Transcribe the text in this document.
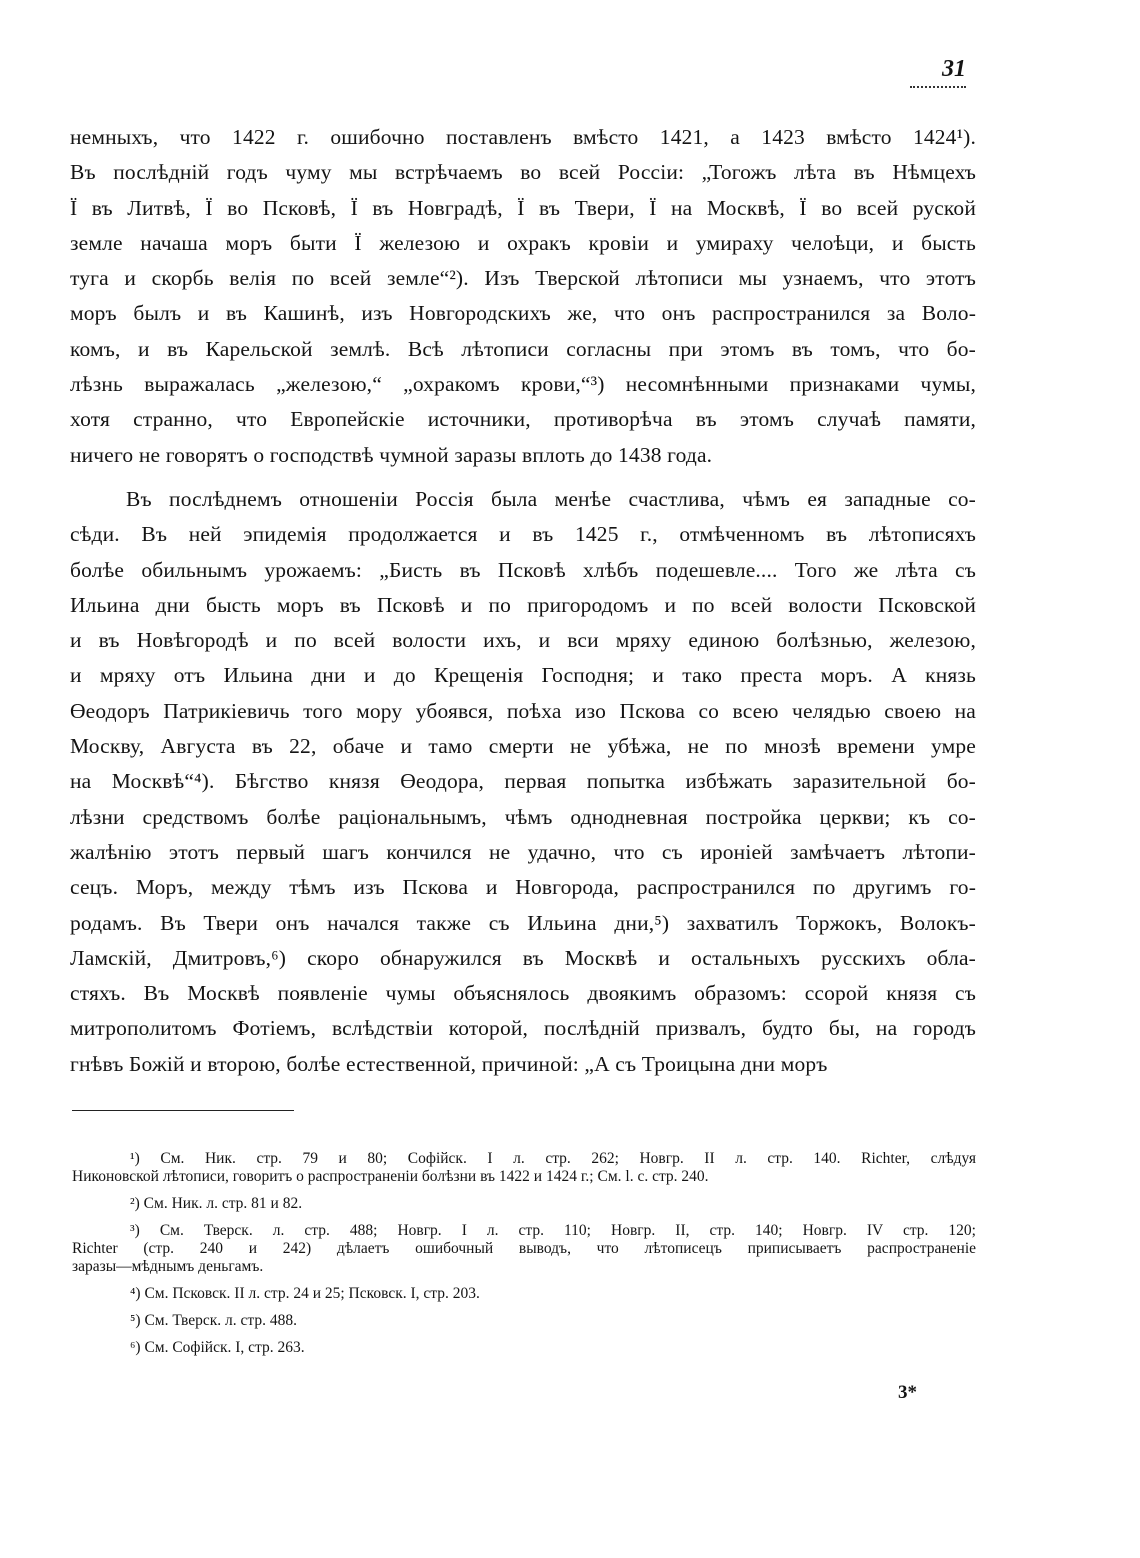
31
немныхъ, что 1422 г. ошибочно поставленъ вмѣсто 1421, а 1423 вмѣсто 1424¹).
Въ послѣдній годъ чуму мы встрѣчаемъ во всей Россіи: „Тогожъ лѣта въ Нѣмцехъ
Ї въ Литвѣ, Ї во Псковѣ, Ї въ Новградѣ, Ї въ Твери, Ї на Москвѣ, Ї во всей руской
земле начаша моръ быти Ї железою и охракъ кровіи и умираху челоѣци, и бысть
туга и скорбь велія по всей земле“²). Изъ Тверской лѣтописи мы узнаемъ, что этотъ
моръ былъ и въ Кашинѣ, изъ Новгородскихъ же, что онъ распространился за Воло-
комъ, и въ Карельской землѣ. Всѣ лѣтописи согласны при этомъ въ томъ, что бо-
лѣзнь выражалась „железою,“ „охракомъ крови,“³) несомнѣнными признаками чумы,
хотя странно, что Европейскіе источники, противорѣча въ этомъ случаѣ памяти,
ничего не говорятъ о господствѣ чумной заразы вплоть до 1438 года.
Въ послѣднемъ отношеніи Россія была менѣе счастлива, чѣмъ ея западные со-
сѣди. Въ ней эпидемія продолжается и въ 1425 г., отмѣченномъ въ лѣтописяхъ
болѣе обильнымъ урожаемъ: „Бисть въ Псковѣ хлѣбъ подешевле.... Того же лѣта съ
Ильина дни бысть моръ въ Псковѣ и по пригородомъ и по всей волости Псковской
и въ Новѣгородѣ и по всей волости ихъ, и вси мряху единою болѣзнью, железою,
и мряху отъ Ильина дни и до Крещенія Господня; и тако преста моръ. А князь
Өеодоръ Патрикіевичь того мору убоявся, поѣха изо Пскова со всею челядью своею на
Москву, Августа въ 22, обаче и тамо смерти не убѣжа, не по мнозѣ времени умре
на Москвѣ“⁴). Бѣгство князя Өеодора, первая попытка избѣжать заразительной бо-
лѣзни средствомъ болѣе раціональнымъ, чѣмъ однодневная постройка церкви; къ со-
жалѣнію этотъ первый шагъ кончился не удачно, что съ ироніей замѣчаетъ лѣтопи-
сецъ. Моръ, между тѣмъ изъ Пскова и Новгорода, распространился по другимъ го-
родамъ. Въ Твери онъ начался также съ Ильина дни,⁵) захватилъ Торжокъ, Волокъ-
Ламскій, Дмитровъ,⁶) скоро обнаружился въ Москвѣ и остальныхъ русскихъ обла-
стяхъ. Въ Москвѣ появленіе чумы объяснялось двоякимъ образомъ: ссорой князя съ
митрополитомъ Фотіемъ, вслѣдствіи которой, послѣдній призвалъ, будто бы, на городъ
гнѣвъ Божій и второю, болѣе естественной, причиной: „А съ Троицына дни моръ
¹) См. Ник. стр. 79 и 80; Софійск. I л. стр. 262; Новгр. II л. стр. 140. Richter, слѣдуя
Никоновской лѣтописи, говоритъ о распространеніи болѣзни въ 1422 и 1424 г.; См. l. c. стр. 240.
²) См. Ник. л. стр. 81 и 82.
³) См. Тверск. л. стр. 488; Новгр. I л. стр. 110; Новгр. II, стр. 140; Новгр. IV стр. 120;
Richter (стр. 240 и 242) дѣлаетъ ошибочный выводъ, что лѣтописецъ приписываетъ распространеніе
заразы—мѣднымъ деньгамъ.
⁴) См. Псковск. II л. стр. 24 и 25; Псковск. I, стр. 203.
⁵) См. Тверск. л. стр. 488.
⁶) См. Софійск. I, стр. 263.
3*
